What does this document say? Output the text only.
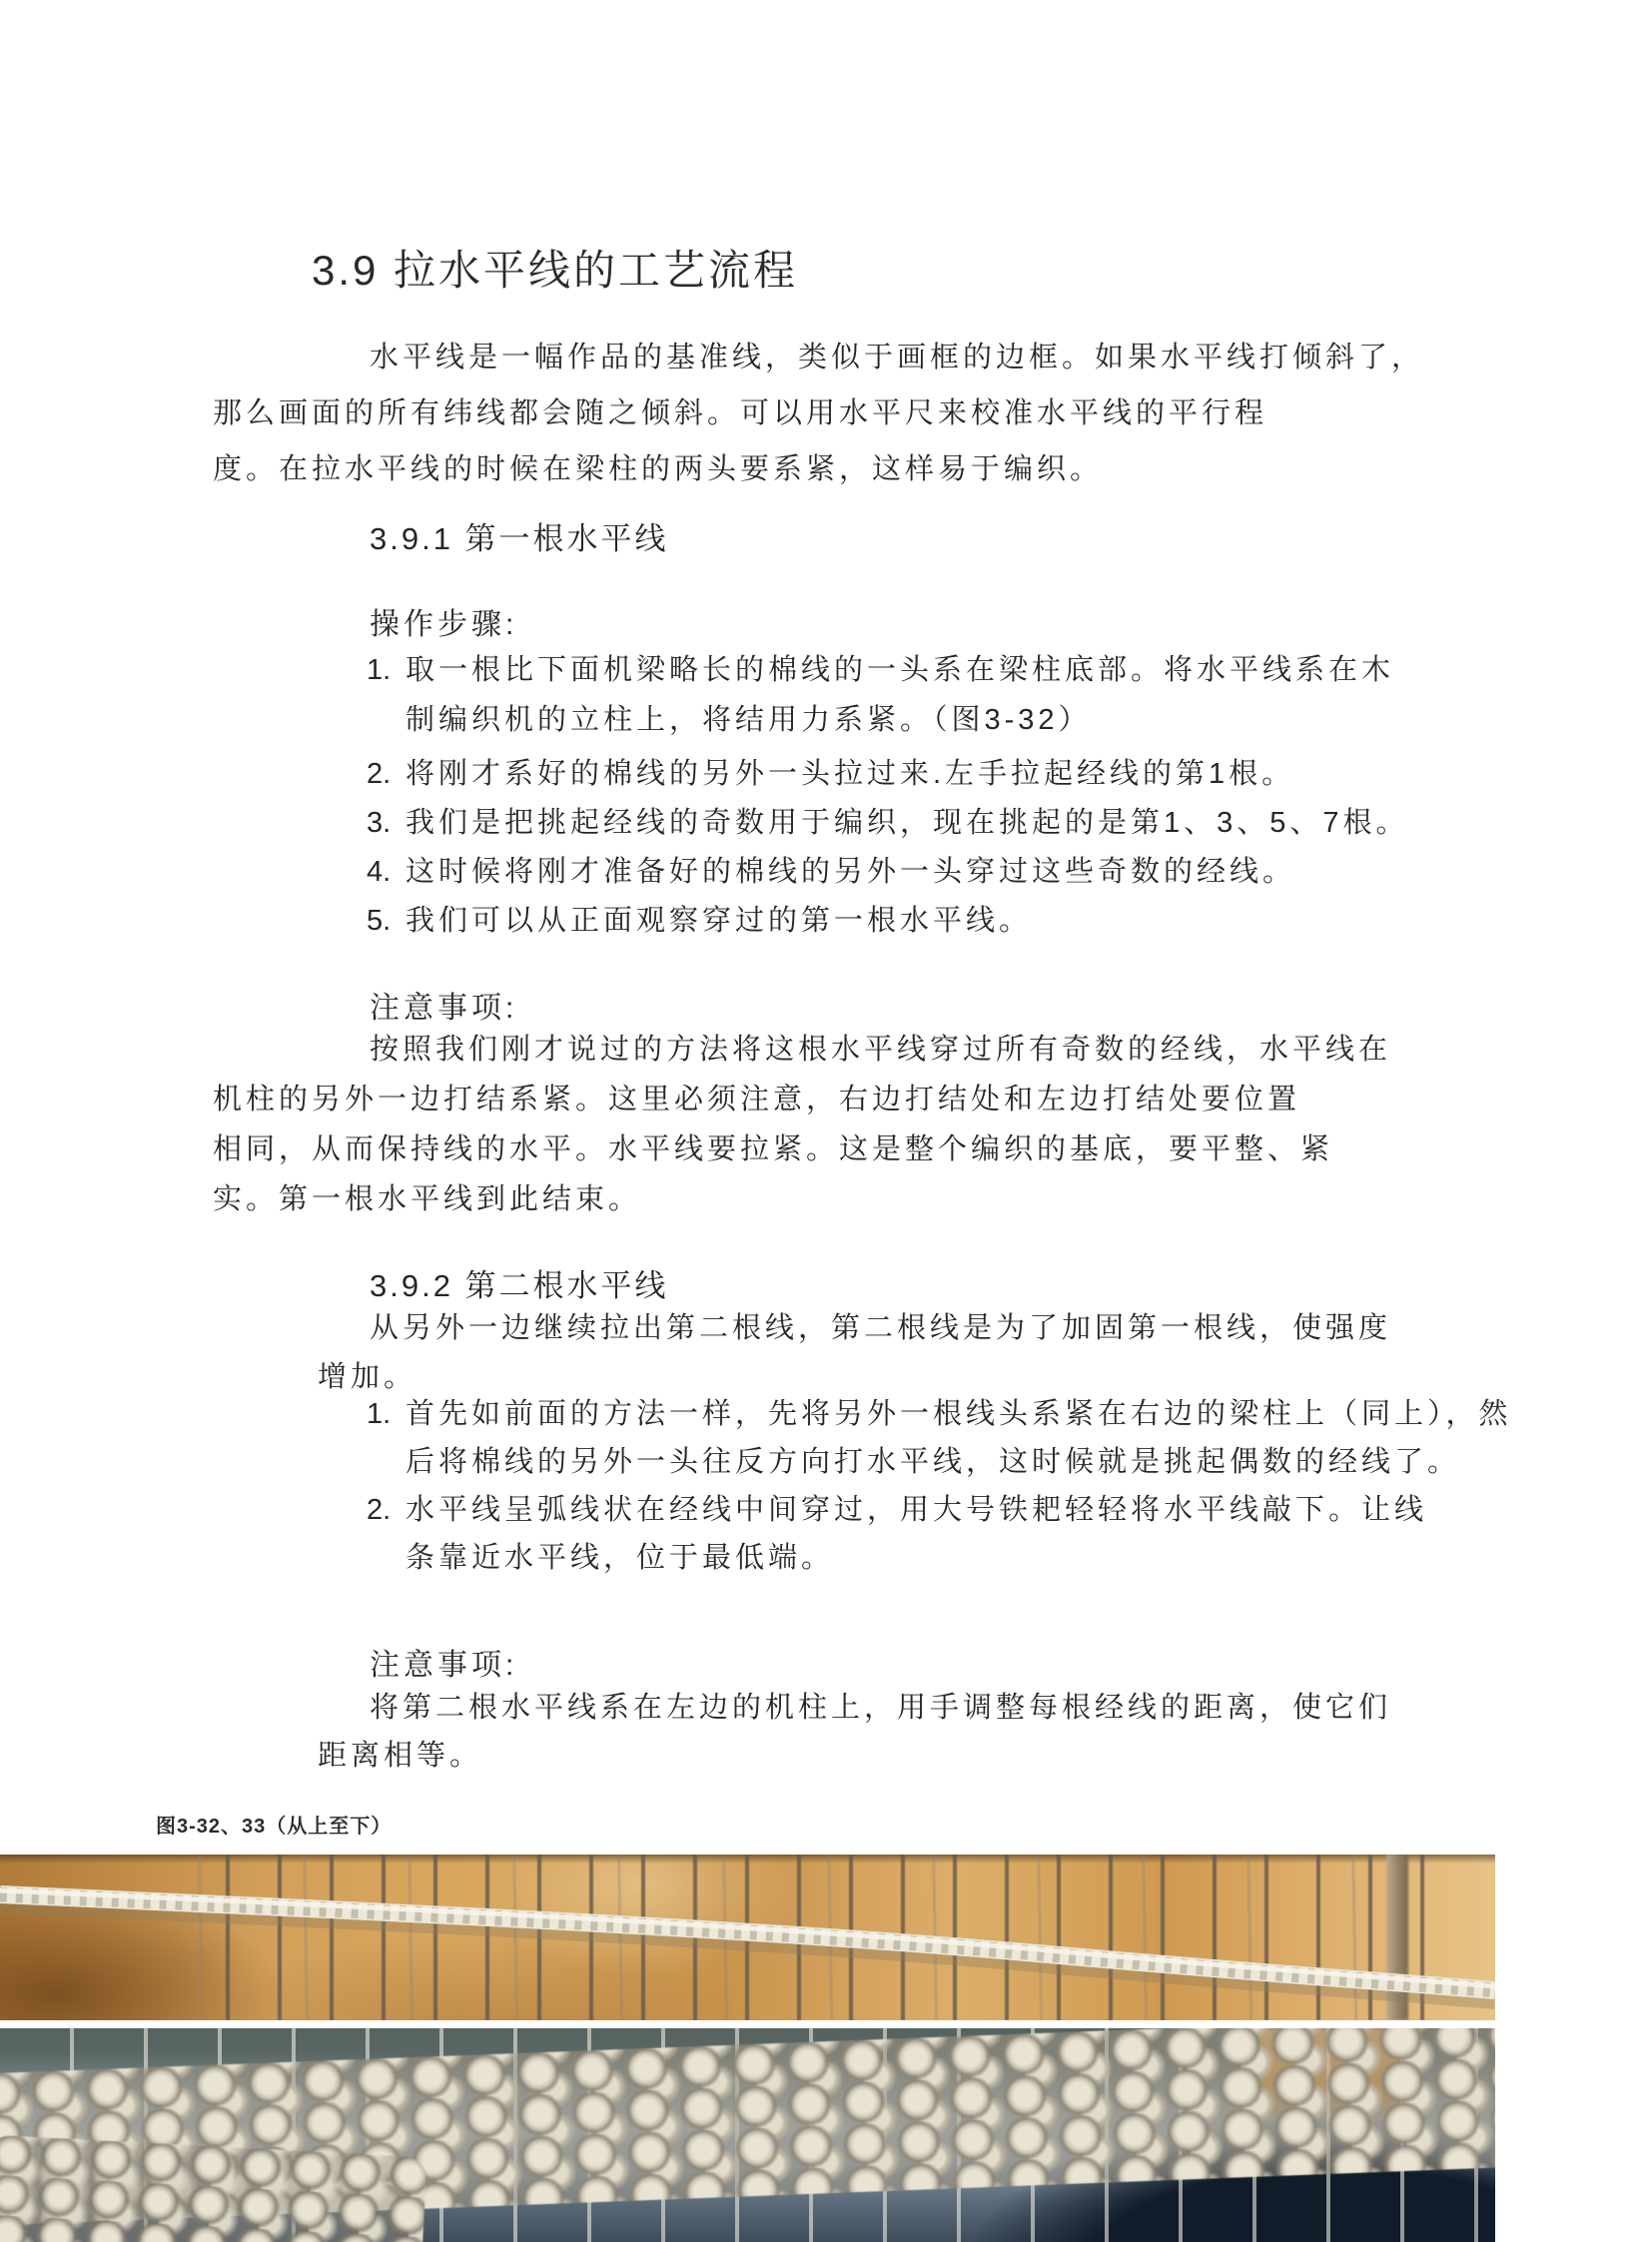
3.9 拉水平线的工艺流程
水平线是一幅作品的基准线，类似于画框的边框。如果水平线打倾斜了，
那么画面的所有纬线都会随之倾斜。可以用水平尺来校准水平线的平行程
度。在拉水平线的时候在梁柱的两头要系紧，这样易于编织。
3.9.1 第一根水平线
操作步骤:
1. 取一根比下面机梁略长的棉线的一头系在梁柱底部。将水平线系在木
制编织机的立柱上，将结用力系紧。（图3-32）
2. 将刚才系好的棉线的另外一头拉过来.左手拉起经线的第1根。
3. 我们是把挑起经线的奇数用于编织，现在挑起的是第1、3、5、7根。
4. 这时候将刚才准备好的棉线的另外一头穿过这些奇数的经线。
5. 我们可以从正面观察穿过的第一根水平线。
注意事项:
按照我们刚才说过的方法将这根水平线穿过所有奇数的经线，水平线在
机柱的另外一边打结系紧。这里必须注意，右边打结处和左边打结处要位置
相同，从而保持线的水平。水平线要拉紧。这是整个编织的基底，要平整、紧
实。第一根水平线到此结束。
3.9.2 第二根水平线
从另外一边继续拉出第二根线，第二根线是为了加固第一根线，使强度
增加。
1. 首先如前面的方法一样，先将另外一根线头系紧在右边的梁柱上（同上），然
后将棉线的另外一头往反方向打水平线，这时候就是挑起偶数的经线了。
2. 水平线呈弧线状在经线中间穿过，用大号铁耙轻轻将水平线敲下。让线
条靠近水平线，位于最低端。
注意事项:
将第二根水平线系在左边的机柱上，用手调整每根经线的距离，使它们
距离相等。
图3-32、33（从上至下）
